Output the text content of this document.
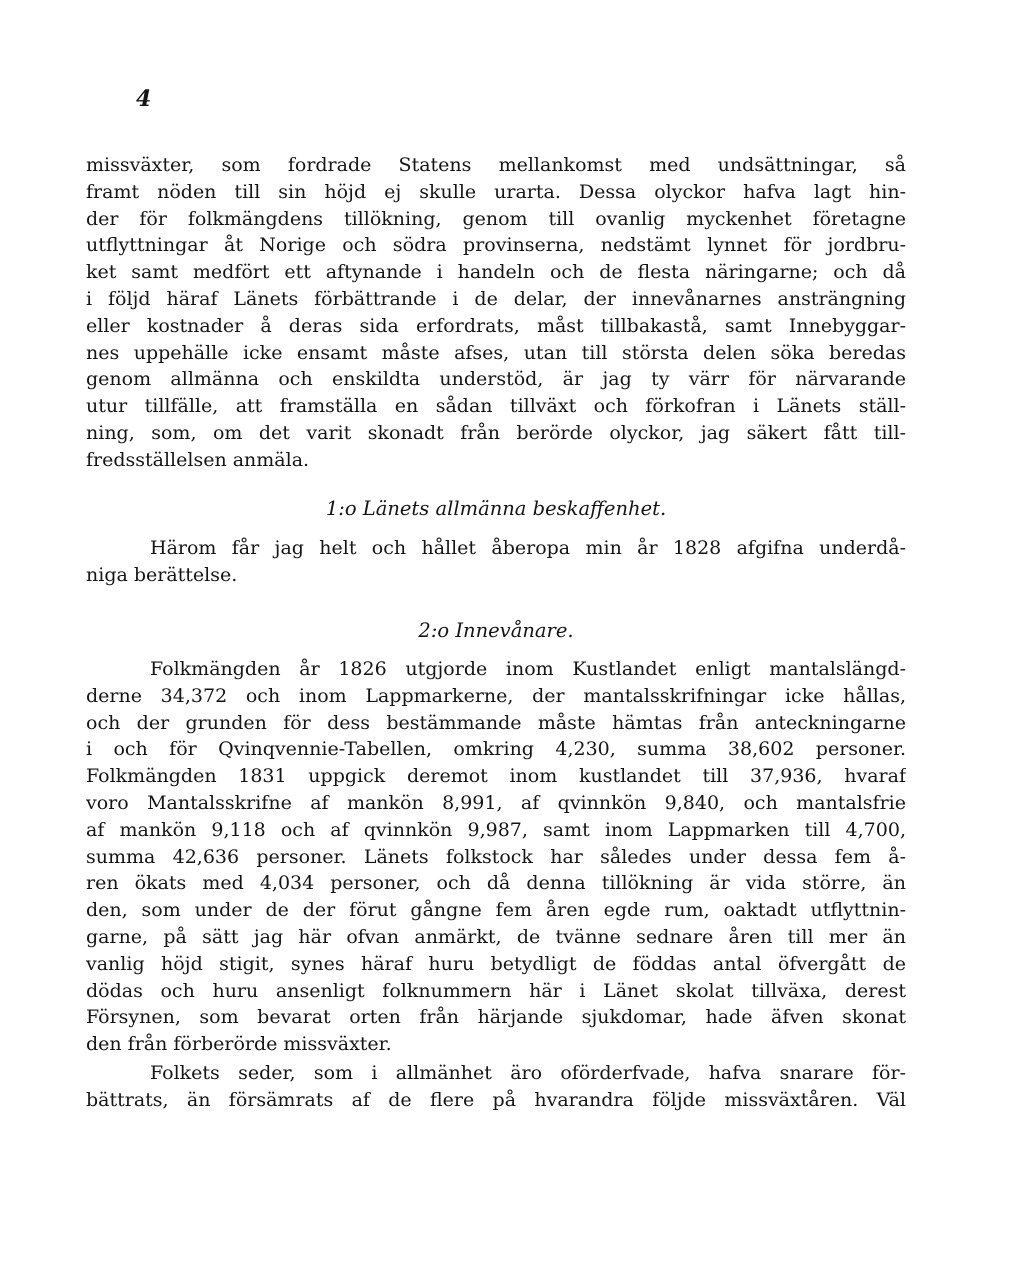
4
missväxter, som fordrade Statens mellankomst med undsättningar, så
framt nöden till sin höjd ej skulle urarta. Dessa olyckor hafva lagt hin-
der för folkmängdens tillökning, genom till ovanlig myckenhet företagne
utflyttningar åt Norige och södra provinserna, nedstämt lynnet för jordbru-
ket samt medfört ett aftynande i handeln och de flesta näringarne; och då
i följd häraf Länets förbättrande i de delar, der innevånarnes ansträngning
eller kostnader å deras sida erfordrats, måst tillbakastå, samt Innebyggar-
nes uppehälle icke ensamt måste afses, utan till största delen söka beredas
genom allmänna och enskildta understöd, är jag ty värr för närvarande
utur tillfälle, att framställa en sådan tillväxt och förkofran i Länets ställ-
ning, som, om det varit skonadt från berörde olyckor, jag säkert fått till-
fredsställelsen anmäla.
1:o Länets allmänna beskaffenhet.
Härom får jag helt och hållet åberopa min år 1828 afgifna underdå-
niga berättelse.
2:o Innevånare.
Folkmängden år 1826 utgjorde inom Kustlandet enligt mantalslängd-
derne 34,372 och inom Lappmarkerne, der mantalsskrifningar icke hållas,
och der grunden för dess bestämmande måste hämtas från anteckningarne
i och för Qvinqvennie-Tabellen, omkring 4,230, summa 38,602 personer.
Folkmängden 1831 uppgick deremot inom kustlandet till 37,936, hvaraf
voro Mantalsskrifne af mankön 8,991, af qvinnkön 9,840, och mantalsfrie
af mankön 9,118 och af qvinnkön 9,987, samt inom Lappmarken till 4,700,
summa 42,636 personer. Länets folkstock har således under dessa fem å-
ren ökats med 4,034 personer, och då denna tillökning är vida större, än
den, som under de der förut gångne fem åren egde rum, oaktadt utflyttnin-
garne, på sätt jag här ofvan anmärkt, de tvänne sednare åren till mer än
vanlig höjd stigit, synes häraf huru betydligt de föddas antal öfvergått de
dödas och huru ansenligt folknummern här i Länet skolat tillväxa, derest
Försynen, som bevarat orten från härjande sjukdomar, hade äfven skonat
den från förberörde missväxter.
Folkets seder, som i allmänhet äro oförderfvade, hafva snarare för-
bättrats, än försämrats af de flere på hvarandra följde missväxtåren. Väl
